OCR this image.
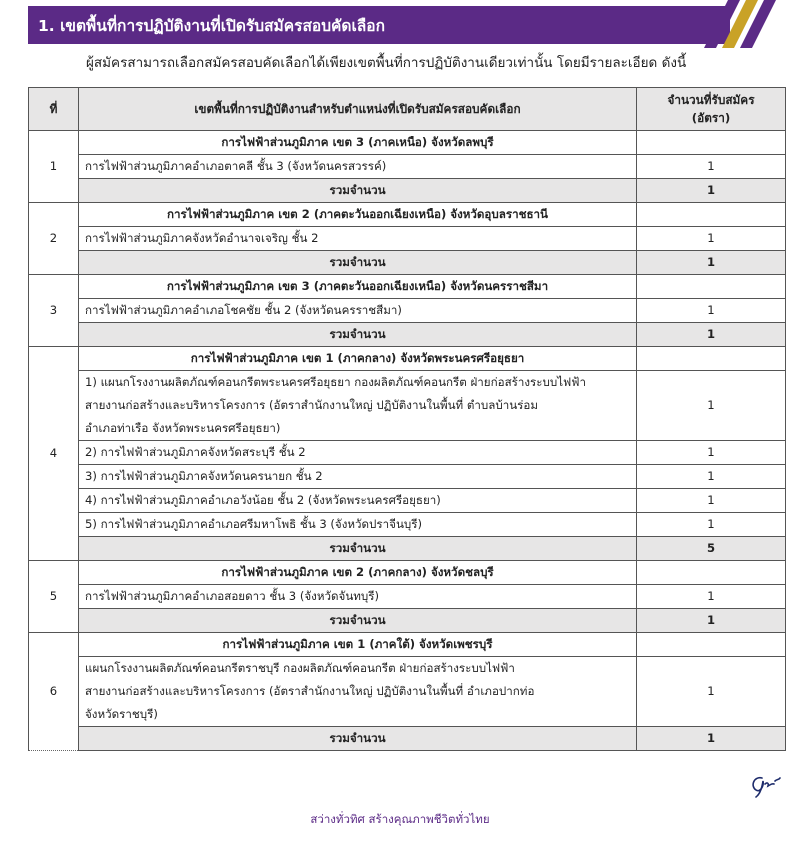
1. เขตพื้นที่การปฏิบัติงานที่เปิดรับสมัครสอบคัดเลือก
ผู้สมัครสามารถเลือกสมัครสอบคัดเลือกได้เพียงเขตพื้นที่การปฏิบัติงานเดียวเท่านั้น โดยมีรายละเอียด ดังนี้
ที่	เขตพื้นที่การปฏิบัติงานสำหรับตำแหน่งที่เปิดรับสมัครสอบคัดเลือก	จำนวนที่รับสมัคร
(อัตรา)
1	การไฟฟ้าส่วนภูมิภาค เขต 3 (ภาคเหนือ) จังหวัดลพบุรี	
	การไฟฟ้าส่วนภูมิภาคอำเภอตาคลี ชั้น 3 (จังหวัดนครสวรรค์)	1
	รวมจำนวน	1
2	การไฟฟ้าส่วนภูมิภาค เขต 2 (ภาคตะวันออกเฉียงเหนือ) จังหวัดอุบลราชธานี	
	การไฟฟ้าส่วนภูมิภาคจังหวัดอำนาจเจริญ ชั้น 2	1
	รวมจำนวน	1
3	การไฟฟ้าส่วนภูมิภาค เขต 3 (ภาคตะวันออกเฉียงเหนือ) จังหวัดนครราชสีมา	
	การไฟฟ้าส่วนภูมิภาคอำเภอโชคชัย ชั้น 2 (จังหวัดนครราชสีมา)	1
	รวมจำนวน	1
4	การไฟฟ้าส่วนภูมิภาค เขต 1 (ภาคกลาง) จังหวัดพระนครศรีอยุธยา	

	1) แผนกโรงงานผลิตภัณฑ์คอนกรีตพระนครศรีอยุธยา กองผลิตภัณฑ์คอนกรีต ฝ่ายก่อสร้างระบบไฟฟ้า
สายงานก่อสร้างและบริหารโครงการ (อัตราสำนักงานใหญ่ ปฏิบัติงานในพื้นที่ ตำบลบ้านร่อม
อำเภอท่าเรือ จังหวัดพระนครศรีอยุธยา)	1
	2) การไฟฟ้าส่วนภูมิภาคจังหวัดสระบุรี ชั้น 2	1
	3) การไฟฟ้าส่วนภูมิภาคจังหวัดนครนายก ชั้น 2	1
	4) การไฟฟ้าส่วนภูมิภาคอำเภอวังน้อย ชั้น 2 (จังหวัดพระนครศรีอยุธยา)	1
	5) การไฟฟ้าส่วนภูมิภาคอำเภอศรีมหาโพธิ ชั้น 3 (จังหวัดปราจีนบุรี)	1
	รวมจำนวน	5
5	การไฟฟ้าส่วนภูมิภาค เขต 2 (ภาคกลาง) จังหวัดชลบุรี	
	การไฟฟ้าส่วนภูมิภาคอำเภอสอยดาว ชั้น 3 (จังหวัดจันทบุรี)	1
	รวมจำนวน	1
6	การไฟฟ้าส่วนภูมิภาค เขต 1 (ภาคใต้) จังหวัดเพชรบุรี	

	แผนกโรงงานผลิตภัณฑ์คอนกรีตราชบุรี กองผลิตภัณฑ์คอนกรีต ฝ่ายก่อสร้างระบบไฟฟ้า
สายงานก่อสร้างและบริหารโครงการ (อัตราสำนักงานใหญ่ ปฏิบัติงานในพื้นที่ อำเภอปากท่อ
จังหวัดราชบุรี)	1
	รวมจำนวน	1
สว่างทั่วทิศ สร้างคุณภาพชีวิตทั่วไทย
